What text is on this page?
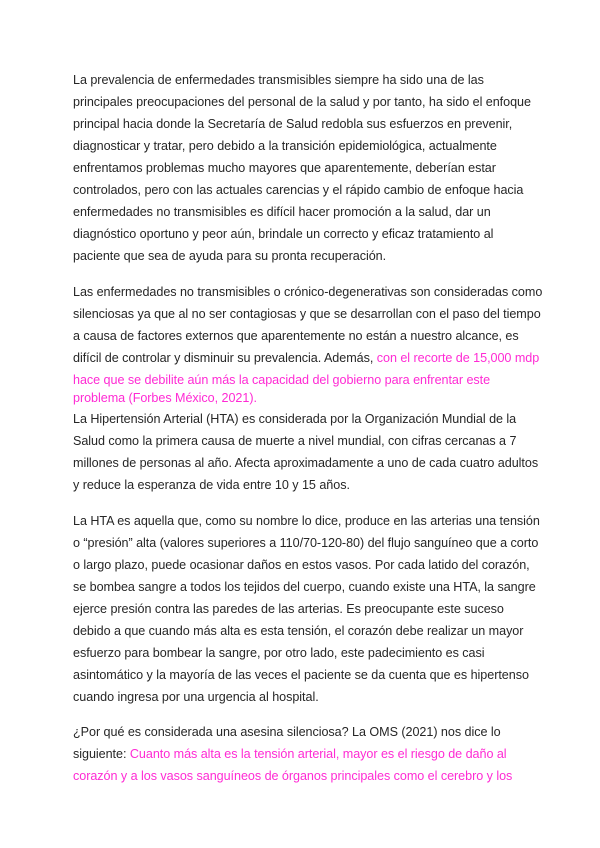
La prevalencia de enfermedades transmisibles siempre ha sido una de las
principales preocupaciones del personal de la salud y por tanto, ha sido el enfoque
principal hacia donde la Secretaría de Salud redobla sus esfuerzos en prevenir,
diagnosticar y tratar, pero debido a la transición epidemiológica, actualmente
enfrentamos problemas mucho mayores que aparentemente, deberían estar
controlados, pero con las actuales carencias y el rápido cambio de enfoque hacia
enfermedades no transmisibles es difícil hacer promoción a la salud, dar un
diagnóstico oportuno y peor aún, brindale un correcto y eficaz tratamiento al
paciente que sea de ayuda para su pronta recuperación.
Las enfermedades no transmisibles o crónico-degenerativas son consideradas como
silenciosas ya que al no ser contagiosas y que se desarrollan con el paso del tiempo
a causa de factores externos que aparentemente no están a nuestro alcance, es
difícil de controlar y disminuir su prevalencia. Además, con el recorte de 15,000 mdp
hace que se debilite aún más la capacidad del gobierno para enfrentar este
problema (Forbes México, 2021).
La Hipertensión Arterial (HTA) es considerada por la Organización Mundial de la
Salud como la primera causa de muerte a nivel mundial, con cifras cercanas a 7
millones de personas al año. Afecta aproximadamente a uno de cada cuatro adultos
y reduce la esperanza de vida entre 10 y 15 años.
La HTA es aquella que, como su nombre lo dice, produce en las arterias una tensión
o “presión” alta (valores superiores a 110/70-120-80) del flujo sanguíneo que a corto
o largo plazo, puede ocasionar daños en estos vasos. Por cada latido del corazón,
se bombea sangre a todos los tejidos del cuerpo, cuando existe una HTA, la sangre
ejerce presión contra las paredes de las arterias. Es preocupante este suceso
debido a que cuando más alta es esta tensión, el corazón debe realizar un mayor
esfuerzo para bombear la sangre, por otro lado, este padecimiento es casi
asintomático y la mayoría de las veces el paciente se da cuenta que es hipertenso
cuando ingresa por una urgencia al hospital.
¿Por qué es considerada una asesina silenciosa? La OMS (2021) nos dice lo
siguiente: Cuanto más alta es la tensión arterial, mayor es el riesgo de daño al
corazón y a los vasos sanguíneos de órganos principales como el cerebro y los
